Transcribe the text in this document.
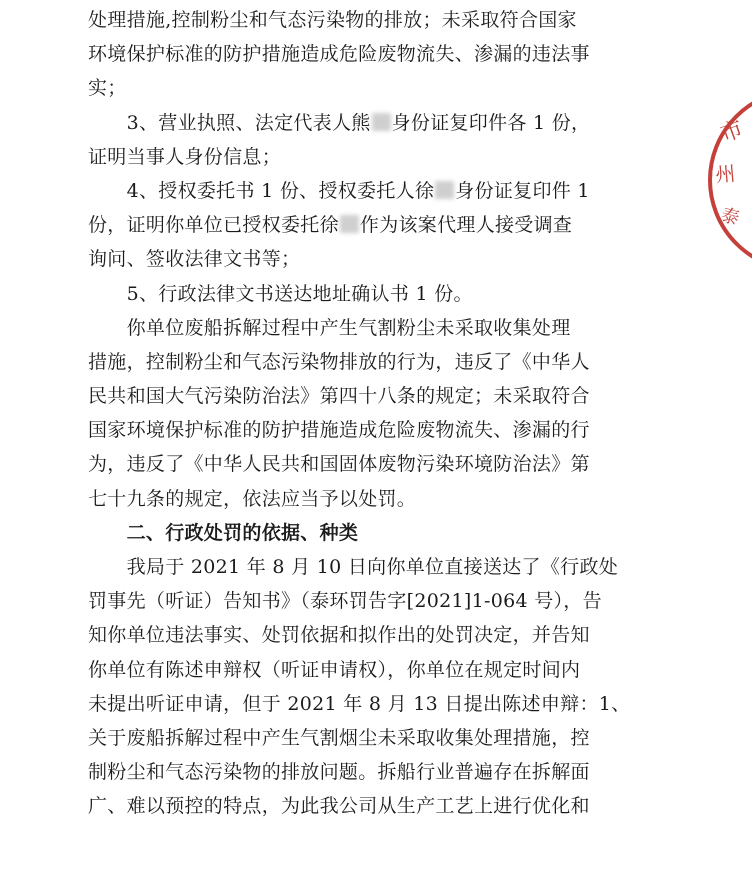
处理措施,控制粉尘和气态污染物的排放；未采取符合国家
环境保护标准的防护措施造成危险废物流失、渗漏的违法事
实；
3、营业执照、法定代表人熊 身份证复印件各 1 份，
证明当事人身份信息；
4、授权委托书 1 份、授权委托人徐 身份证复印件 1
份，证明你单位已授权委托徐 作为该案代理人接受调查
询问、签收法律文书等；
5、行政法律文书送达地址确认书 1 份。
你单位废船拆解过程中产生气割粉尘未采取收集处理
措施，控制粉尘和气态污染物排放的行为，违反了《中华人
民共和国大气污染防治法》第四十八条的规定；未采取符合
国家环境保护标准的防护措施造成危险废物流失、渗漏的行
为，违反了《中华人民共和国固体废物污染环境防治法》第
七十九条的规定，依法应当予以处罚。
二、行政处罚的依据、种类
我局于 2021 年 8 月 10 日向你单位直接送达了《行政处
罚事先（听证）告知书》（泰环罚告字[2021]1-064 号），告
知你单位违法事实、处罚依据和拟作出的处罚决定，并告知
你单位有陈述申辩权（听证申请权），你单位在规定时间内
未提出听证申请，但于 2021 年 8 月 13 日提出陈述申辩：1、
关于废船拆解过程中产生气割烟尘未采取收集处理措施，控
制粉尘和气态污染物的排放问题。拆船行业普遍存在拆解面
广、难以预控的特点，为此我公司从生产工艺上进行优化和
市
州
泰
